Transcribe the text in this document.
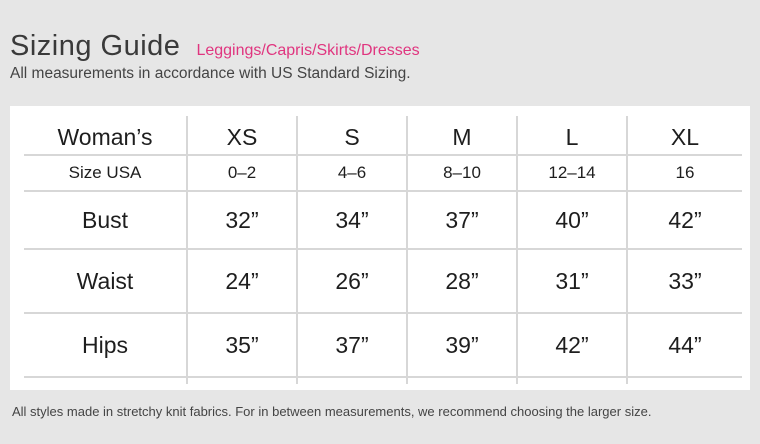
Sizing Guide Leggings/Capris/Skirts/Dresses
All measurements in accordance with US Standard Sizing.
Woman’s	XS	S	M	L	XL
Size USA	0–2	4–6	8–10	12–14	16
Bust	32”	34”	37”	40”	42”
Waist	24”	26”	28”	31”	33”
Hips	35”	37”	39”	42”	44”
All styles made in stretchy knit fabrics. For in between measurements, we recommend choosing the larger size.
